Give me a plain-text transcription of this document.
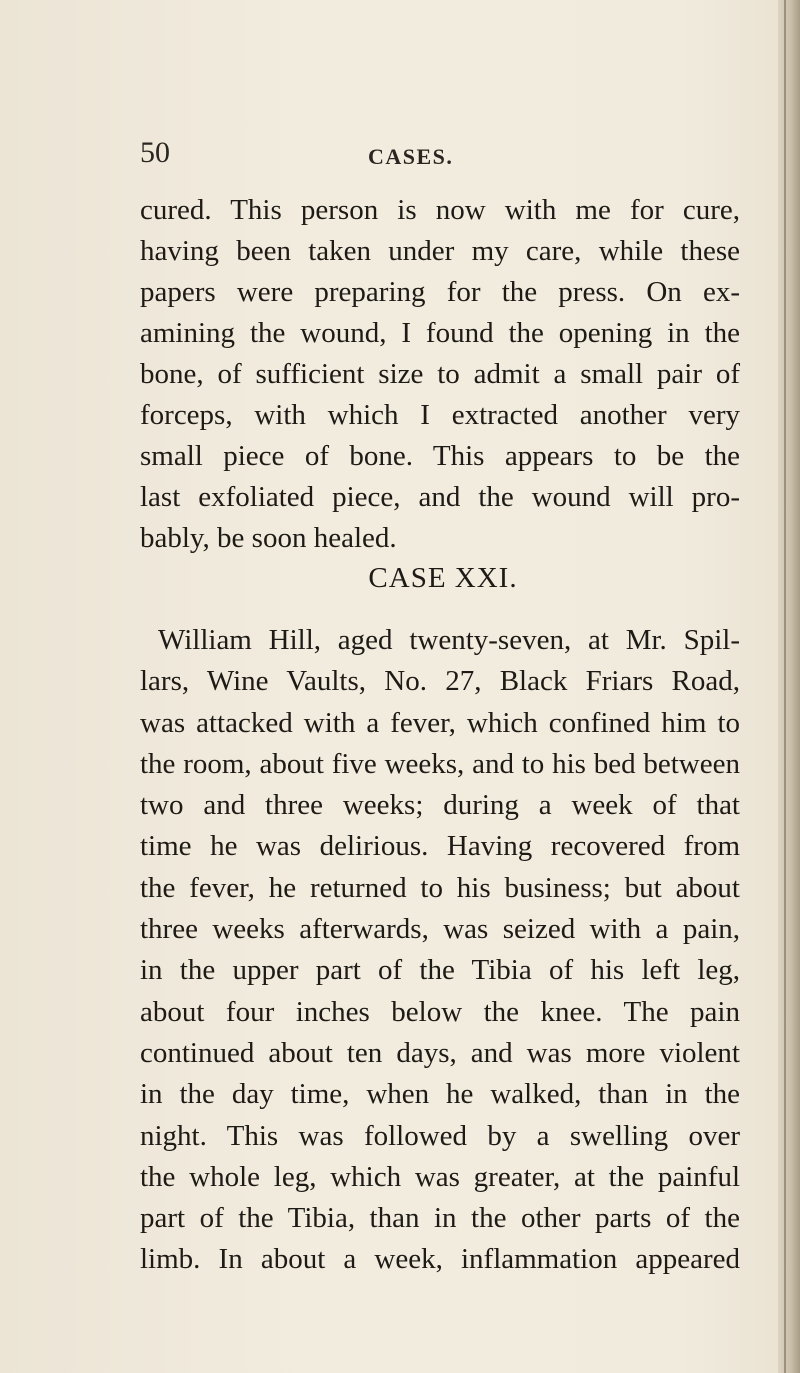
50	CASES.
cured. This person is now with me for cure,
having been taken under my care, while these
papers were preparing for the press. On ex-
amining the wound, I found the opening in the
bone, of sufficient size to admit a small pair of
forceps, with which I extracted another very
small piece of bone. This appears to be the
last exfoliated piece, and the wound will pro-
bably, be soon healed.
CASE XXI.
William Hill, aged twenty-seven, at Mr. Spil-
lars, Wine Vaults, No. 27, Black Friars Road,
was attacked with a fever, which confined him to
the room, about five weeks, and to his bed between
two and three weeks; during a week of that
time he was delirious. Having recovered from
the fever, he returned to his business; but about
three weeks afterwards, was seized with a pain,
in the upper part of the Tibia of his left leg,
about four inches below the knee. The pain
continued about ten days, and was more violent
in the day time, when he walked, than in the
night. This was followed by a swelling over
the whole leg, which was greater, at the painful
part of the Tibia, than in the other parts of the
limb. In about a week, inflammation appeared
